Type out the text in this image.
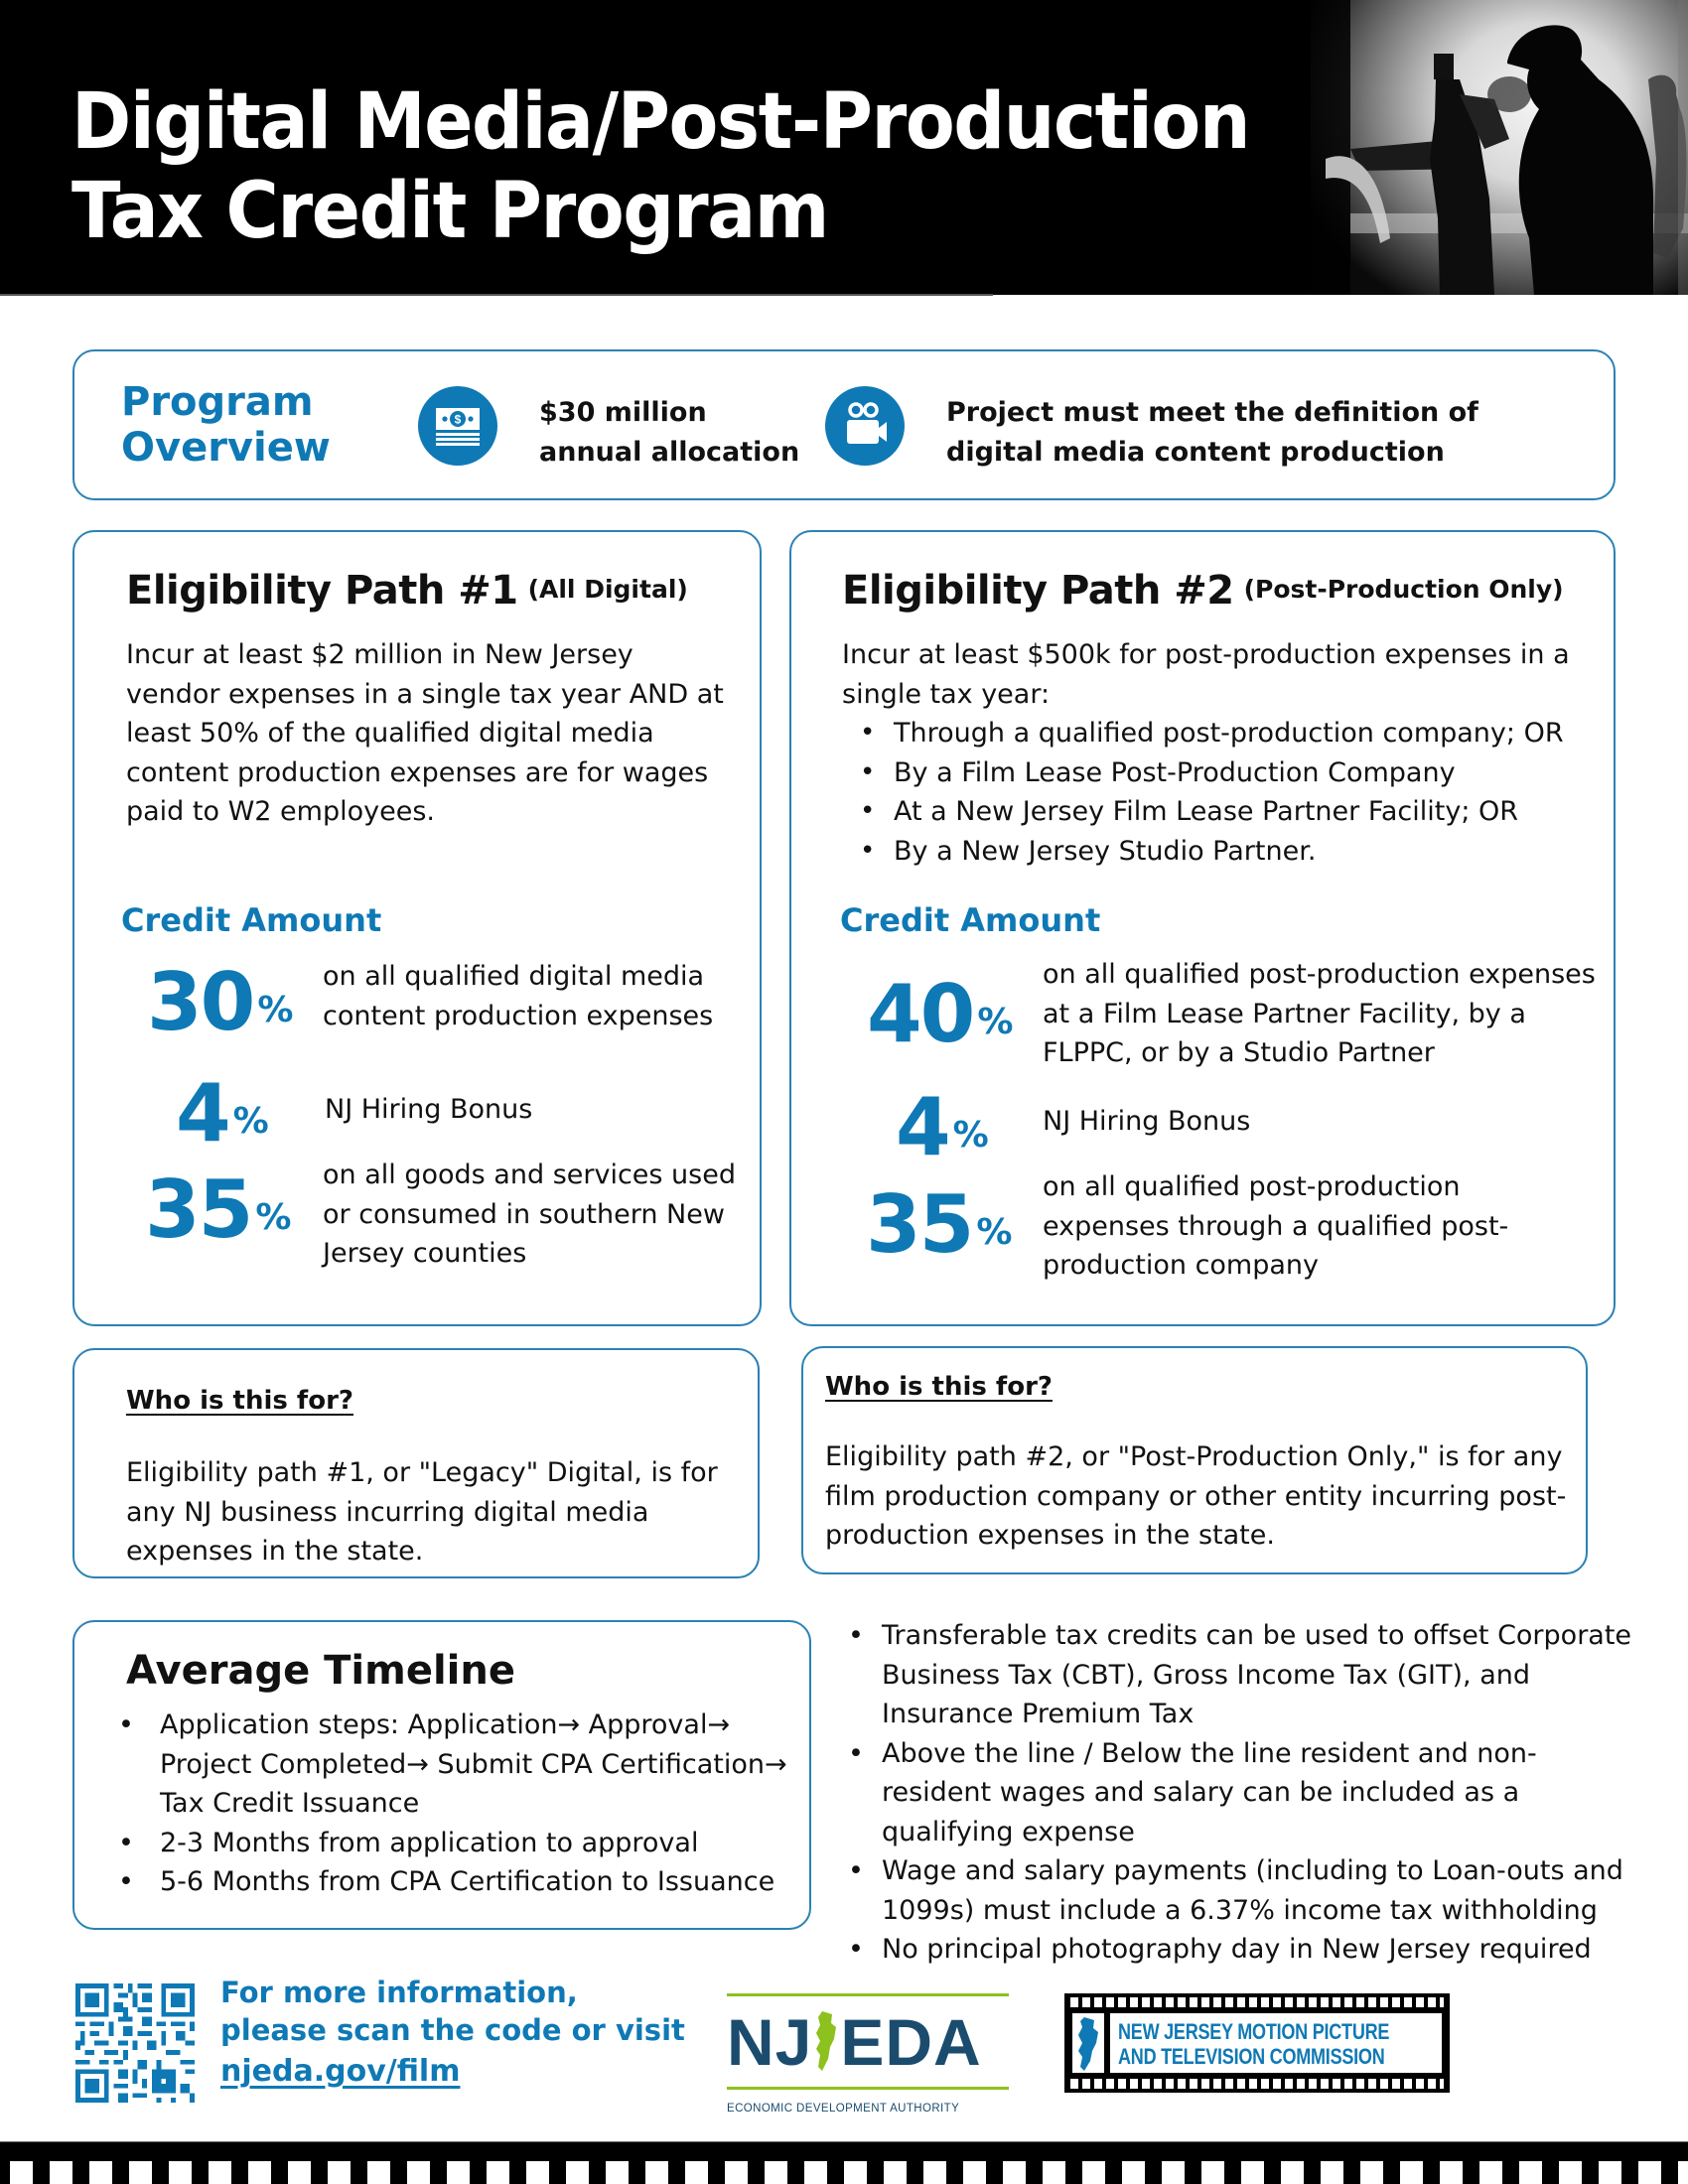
Digital Media/Post-Production
Tax Credit Program
Program
Overview
$	$30 million
annual allocation
Project must meet the definition of
digital media content production
Eligibility Path #1 (All Digital)
Incur at least $2 million in New Jersey vendor expenses in a single tax year AND at least 50% of the qualified digital media content production expenses are for wages paid to W2 employees.
Credit Amount
30 %
on all qualified digital media content production expenses
4 % NJ Hiring Bonus
35 %
on all goods and services used or consumed in southern New Jersey counties
Eligibility Path #2 (Post-Production Only)
Incur at least $500k for post-production expenses in a single tax year:
• Through a qualified post-production company; OR
• By a Film Lease Post-Production Company
• At a New Jersey Film Lease Partner Facility; OR
• By a New Jersey Studio Partner.
Credit Amount
40 %
on all qualified post-production expenses at a Film Lease Partner Facility, by a FLPPC, or by a Studio Partner
4 % NJ Hiring Bonus
35 %
on all qualified post-production expenses through a qualified post-production company
Who is this for?
Eligibility path #1, or "Legacy" Digital, is for any NJ business incurring digital media expenses in the state.
Who is this for?
Eligibility path #2, or "Post-Production Only," is for any film production company or other entity incurring post-production expenses in the state.
Average Timeline
• Application steps: Application→ Approval→ Project Completed→ Submit CPA Certification→ Tax Credit Issuance
• 2-3 Months from application to approval
• 5-6 Months from CPA Certification to Issuance
• Transferable tax credits can be used to offset Corporate Business Tax (CBT), Gross Income Tax (GIT), and Insurance Premium Tax
• Above the line / Below the line resident and non-resident wages and salary can be included as a qualifying expense
• Wage and salary payments (including to Loan-outs and 1099s) must include a 6.37% income tax withholding
• No principal photography day in New Jersey required
For more information,
please scan the code or visit
njeda.gov/film	NJ EDA
ECONOMIC DEVELOPMENT AUTHORITY
NEW JERSEY MOTION PICTURE
AND TELEVISION COMMISSION
